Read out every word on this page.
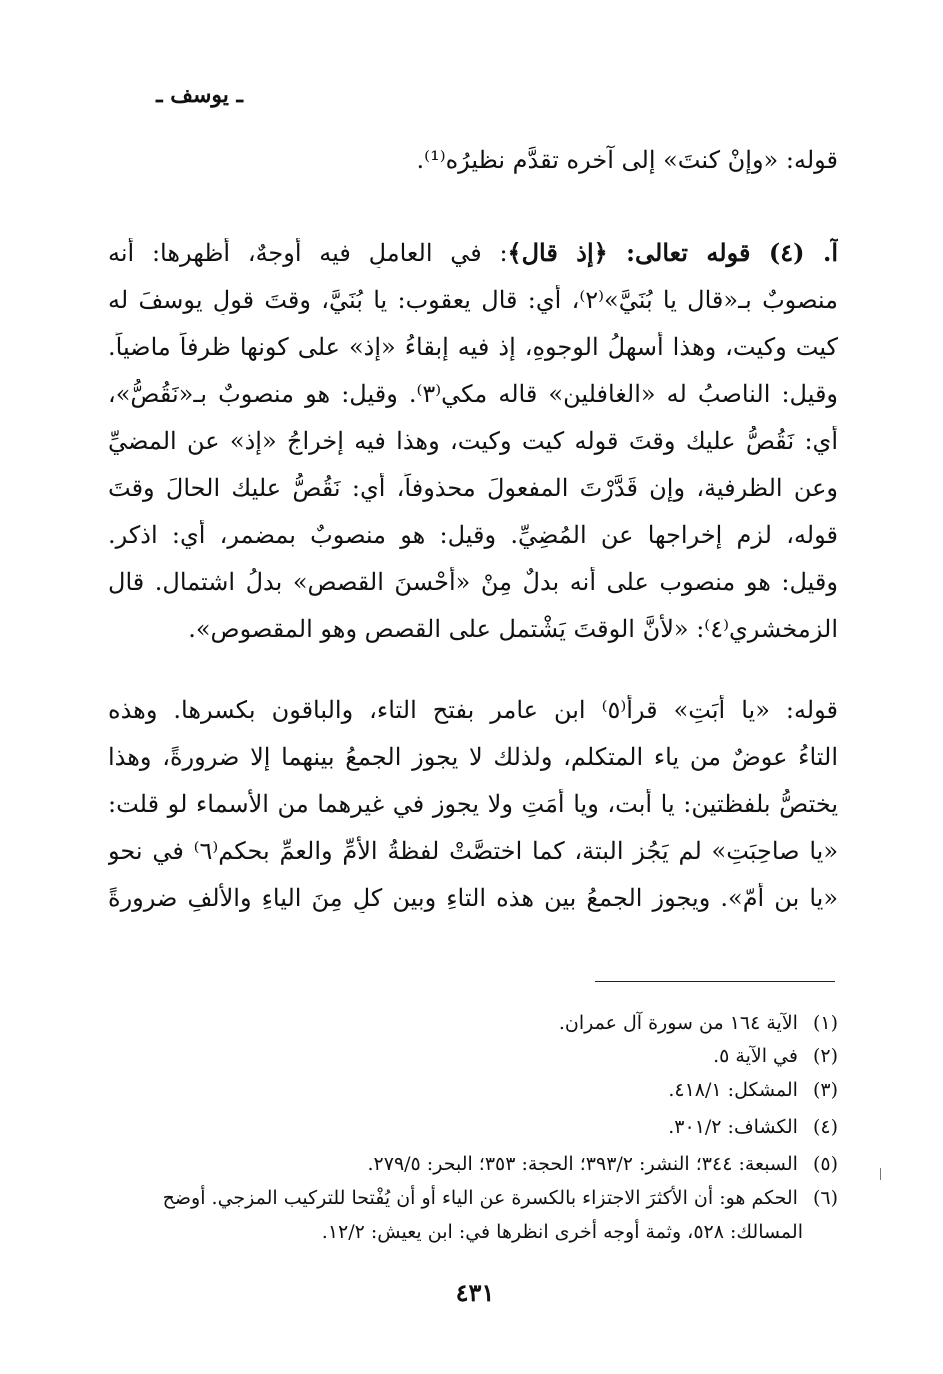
ـ يوسف ـ
قوله: «وإنْ كنتَ» إلى آخره تقدَّم نظيرُه⁽¹⁾.
آ. (٤) قوله تعالى: ﴿إذ قال﴾: في العاملِ فيه أوجهٌ، أظهرها: أنه
منصوبٌ بـ«قال يا بُنَيَّ»⁽٢⁾، أي: قال يعقوب: يا بُنَيَّ، وقتَ قولِ يوسفَ له
كيت وكيت، وهذا أسهلُ الوجوهِ، إذ فيه إبقاءُ «إذ» على كونها ظرفاً ماضياً.
وقيل: الناصبُ له «الغافلين» قاله مكي⁽٣⁾. وقيل: هو منصوبٌ بـ«نَقُصُّ»،
أي: نَقُصُّ عليك وقتَ قوله كيت وكيت، وهذا فيه إخراجُ «إذ» عن المضيِّ
وعن الظرفية، وإن قَدَّرْتَ المفعولَ محذوفاً، أي: نَقُصُّ عليك الحالَ وقتَ
قوله، لزم إخراجها عن المُضِيِّ. وقيل: هو منصوبٌ بمضمر، أي: اذكر.
وقيل: هو منصوب على أنه بدلٌ مِنْ «أَحْسنَ القصص» بدلُ اشتمال. قال
الزمخشري⁽٤⁾: «لأنَّ الوقتَ يَشْتمل على القصص وهو المقصوص».
قوله: «يا أَبَتِ» قرأ⁽٥⁾ ابن عامر بفتح التاء، والباقون بكسرها. وهذه
التاءُ عوضٌ من ياء المتكلم، ولذلك لا يجوز الجمعُ بينهما إلا ضرورةً، وهذا
يختصُّ بلفظتين: يا أبت، ويا أَمَتِ ولا يجوز في غيرهما من الأسماء لو قلت:
«يا صاحِبَتِ» لم يَجُز البتة، كما اختصَّتْ لفظةُ الأمِّ والعمِّ بحكم⁽٦⁾ في نحو
«يا بن أُمّ». ويجوز الجمعُ بين هذه التاءِ وبين كلٍ مِنَ الياءِ والألفِ ضرورةً
(١) الآية ١٦٤ من سورة آل عمران.
(٢) في الآية ٥.
(٣) المشكل: ٤١٨/١.
(٤) الكشاف: ٣٠١/٢.
(٥) السبعة: ٣٤٤؛ النشر: ٣٩٣/٢؛ الحجة: ٣٥٣؛ البحر: ٢٧٩/٥.
(٦) الحكم هو: أن الأكثرَ الاجتزاء بالكسرة عن الياء أو أن يُفْتحا للتركيب المزجي. أوضح
المسالك: ٥٢٨، وثمة أوجه أخرى انظرها في: ابن يعيش: ١٢/٢.
٤٣١
